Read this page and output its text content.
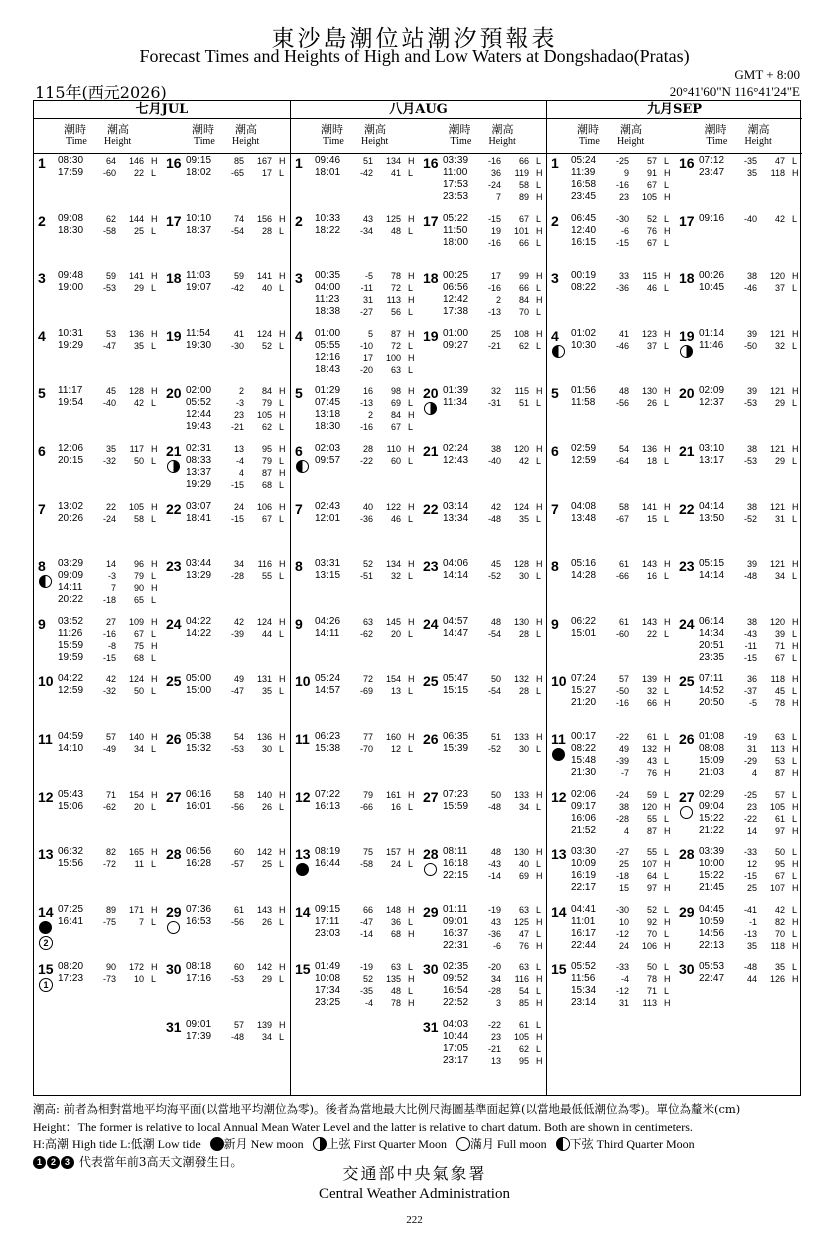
東沙島潮位站潮汐預報表
Forecast Times and Heights of High and Low Waters at Dongshadao(Pratas)
GMT + 8:00
115年(西元2026)	20°41'60"N 116°41'24"E
七月JUL
潮時 潮高
Time Height
潮時 潮高
Time Height
1	08:30	64	146 H
17:59	-60	22 L
16 09:15	85	167 H
18:02	-65	17 L
2	09:08	62	144 H
18:30	-58	25 L
17 10:10	74	156 H
18:37	-54	28 L
3	09:48	59	141 H
19:00	-53	29 L
18 11:03	59	141 H
19:07	-42	40 L
4	10:31	53	136 H
19:29	-47	35 L
19 11:54	41	124 H
19:30	-30	52 L
5	11:17	45	128 H
19:54	-40	42 L
20 02:00	2	84 H
05:52	-3	79 L
12:44	23	105 H
19:43	-21	62 L
6	12:06	35	117 H
20:15	-32	50 L
21 02:31	13	95 H
08:33	-4	79 L
13:37	4	87 H
19:29	-15	68 L
7	13:02	22	105 H
20:26	-24	58 L
22 03:07	24	106 H
18:41	-15	67 L
8	03:29	14	96 H
09:09	-3	79 L
14:11	7	90 H
20:22	-18	65 L
23 03:44	34	116 H
13:29	-28	55 L
9	03:52	27	109 H
11:26	-16	67 L
15:59	-8	75 H
19:59	-15	68 L
24 04:22	42	124 H
14:22	-39	44 L
10 04:22	42	124 H
12:59	-32	50 L
25 05:00	49	131 H
15:00	-47	35 L
11 04:59	57	140 H
14:10	-49	34 L
26 05:38	54	136 H
15:32	-53	30 L
12 05:43	71	154 H
15:06	-62	20 L
27 06:16	58	140 H
16:01	-56	26 L
13 06:32	82	165 H
15:56	-72	11 L
28 06:56	60	142 H
16:28	-57	25 L
14 07:25	89	171 H
16:41	-75	7 L
2
29 07:36	61	143 H
16:53	-56	26 L
15 08:20	90	172 H
17:23	-73	10 L
1
30 08:18	60	142 H
17:16	-53	29 L
31 09:01	57	139 H
17:39	-48	34 L
八月AUG
潮時 潮高
Time Height
潮時 潮高
Time Height
1	09:46	51	134 H
18:01	-42	41 L
16 03:39	-16	66 L
11:00	36	119 H
17:53	-24	58 L
23:53	7	89 H
2	10:33	43	125 H
18:22	-34	48 L
17 05:22	-15	67 L
11:50	19	101 H
18:00	-16	66 L
3	00:35	-5	78 H
04:00	-11	72 L
11:23	31	113 H
18:38	-27	56 L
18 00:25	17	99 H
06:56	-16	66 L
12:42	2	84 H
17:38	-13	70 L
4	01:00	5	87 H
05:55	-10	72 L
12:16	17	100 H
18:43	-20	63 L
19 01:00	25	108 H
09:27	-21	62 L
5	01:29	16	98 H
07:45	-13	69 L
13:18	2	84 H
18:30	-16	67 L
20 01:39	32	115 H
11:34	-31	51 L
6	02:03	28	110 H
09:57	-22	60 L
21 02:24	38	120 H
12:43	-40	42 L
7	02:43	40	122 H
12:01	-36	46 L
22 03:14	42	124 H
13:34	-48	35 L
8	03:31	52	134 H
13:15	-51	32 L
23 04:06	45	128 H
14:14	-52	30 L
9	04:26	63	145 H
14:11	-62	20 L
24 04:57	48	130 H
14:47	-54	28 L
10 05:24	72	154 H
14:57	-69	13 L
25 05:47	50	132 H
15:15	-54	28 L
11 06:23	77	160 H
15:38	-70	12 L
26 06:35	51	133 H
15:39	-52	30 L
12 07:22	79	161 H
16:13	-66	16 L
27 07:23	50	133 H
15:59	-48	34 L
13 08:19	75	157 H
16:44	-58	24 L
28 08:11	48	130 H
16:18	-43	40 L
22:15	-14	69 H
14 09:15	66	148 H
17:11	-47	36 L
23:03	-14	68 H
29 01:11	-19	63 L
09:01	43	125 H
16:37	-36	47 L
22:31	-6	76 H
15 01:49	-19	63 L
10:08	52	135 H
17:34	-35	48 L
23:25	-4	78 H
30 02:35	-20	63 L
09:52	34	116 H
16:54	-28	54 L
22:52	3	85 H
31 04:03	-22	61 L
10:44	23	105 H
17:05	-21	62 L
23:17	13	95 H
九月SEP
潮時 潮高
Time Height
潮時 潮高
Time Height
1	05:24	-25	57 L
11:39	9	91 H
16:58	-16	67 L
23:45	23	105 H
16 07:12	-35	47 L
23:47	35	118 H
2	06:45	-30	52 L
12:40	-6	76 H
16:15	-15	67 L
17 09:16	-40	42 L
3	00:19	33	115 H
08:22	-36	46 L
18 00:26	38	120 H
10:45	-46	37 L
4	01:02	41	123 H
10:30	-46	37 L
19 01:14	39	121 H
11:46	-50	32 L
5	01:56	48	130 H
11:58	-56	26 L
20 02:09	39	121 H
12:37	-53	29 L
6	02:59	54	136 H
12:59	-64	18 L
21 03:10	38	121 H
13:17	-53	29 L
7	04:08	58	141 H
13:48	-67	15 L
22 04:14	38	121 H
13:50	-52	31 L
8	05:16	61	143 H
14:28	-66	16 L
23 05:15	39	121 H
14:14	-48	34 L
9	06:22	61	143 H
15:01	-60	22 L
24 06:14	38	120 H
14:34	-43	39 L
20:51	-11	71 H
23:35	-15	67 L
10 07:24	57	139 H
15:27	-50	32 L
21:20	-16	66 H
25 07:11	36	118 H
14:52	-37	45 L
20:50	-5	78 H
11 00:17	-22	61 L
08:22	49	132 H
15:48	-39	43 L
21:30	-7	76 H
26 01:08	-19	63 L
08:08	31	113 H
15:09	-29	53 L
21:03	4	87 H
12 02:06	-24	59 L
09:17	38	120 H
16:06	-28	55 L
21:52	4	87 H
27 02:29	-25	57 L
09:04	23	105 H
15:22	-22	61 L
21:22	14	97 H
13 03:30	-27	55 L
10:09	25	107 H
16:19	-18	64 L
22:17	15	97 H
28 03:39	-33	50 L
10:00	12	95 H
15:22	-15	67 L
21:45	25	107 H
14 04:41	-30	52 L
11:01	10	92 H
16:17	-12	70 L
22:44	24	106 H
29 04:45	-41	42 L
10:59	-1	82 H
14:56	-13	70 L
22:13	35	118 H
15 05:52	-33	50 L
11:56	-4	78 H
15:34	-12	71 L
23:14	31	113 H
30 05:53	-48	35 L
22:47	44	126 H
潮高: 前者為相對當地平均海平面(以當地平均潮位為零)。後者為當地最大比例尺海圖基準面起算(以當地最低低潮位為零)。單位為釐米(cm)
Height：The former is relative to local Annual Mean Water Level and the latter is relative to chart datum. Both are shown in centimeters.
H:高潮 High tide L:低潮 Low tide 新月 New moon 上弦 First Quarter Moon 滿月 Full moon 下弦 Third Quarter Moon
1 2 3 代表當年前3高天文潮發生日。
交通部中央氣象署
Central Weather Administration
222
